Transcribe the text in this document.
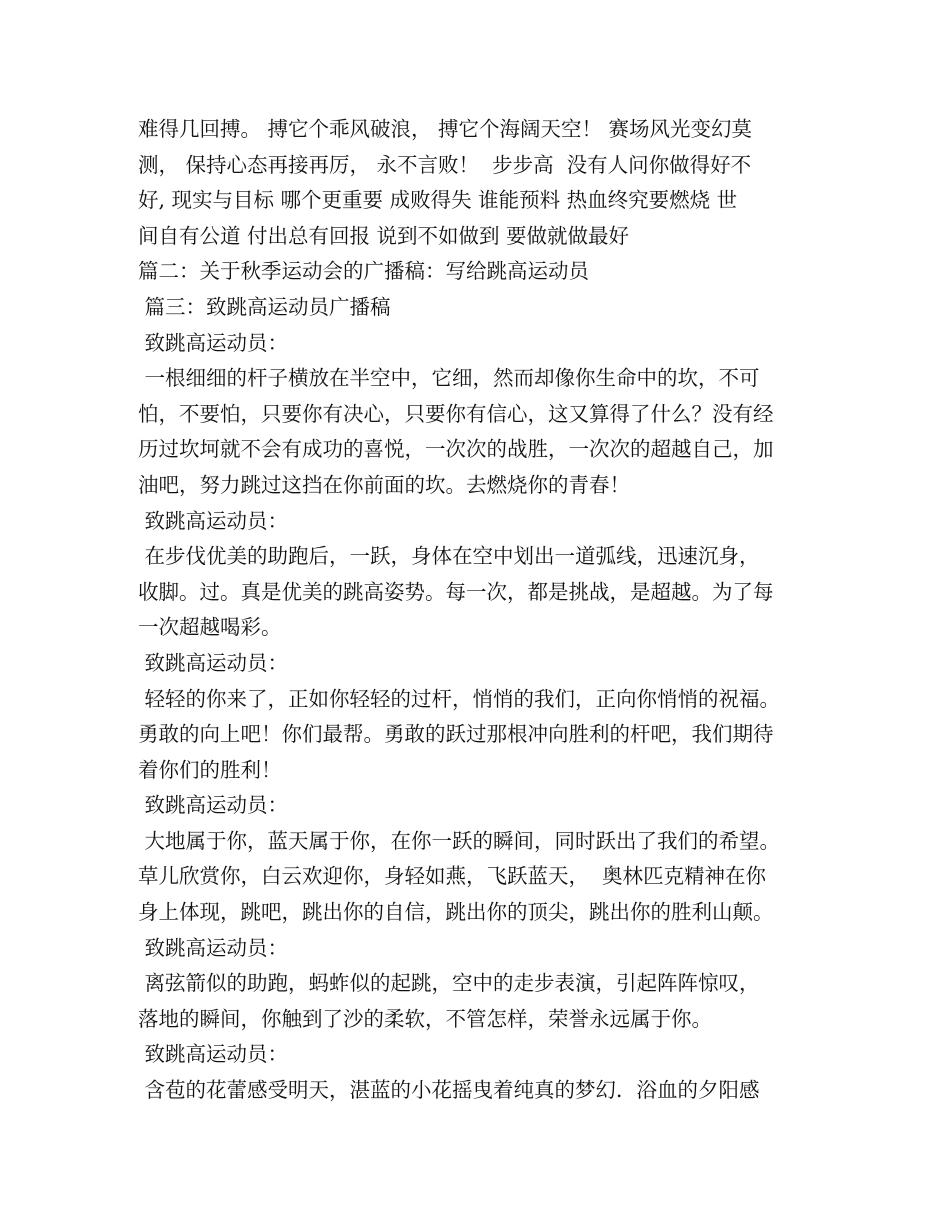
难得几回搏。 搏它个乖风破浪， 搏它个海阔天空！ 赛场风光变幻莫
测， 保持心态再接再厉， 永不言败！  步步高  没有人问你做得好不
好, 现实与目标 哪个更重要 成败得失 谁能预料 热血终究要燃烧 世
间自有公道 付出总有回报 说到不如做到 要做就做最好
篇二：关于秋季运动会的广播稿：写给跳高运动员
篇三：致跳高运动员广播稿
致跳高运动员：
一根细细的杆子横放在半空中，它细，然而却像你生命中的坎，不可
怕，不要怕，只要你有决心，只要你有信心，这又算得了什么？没有经
历过坎坷就不会有成功的喜悦，一次次的战胜，一次次的超越自己，加
油吧，努力跳过这挡在你前面的坎。去燃烧你的青春！
致跳高运动员：
在步伐优美的助跑后，一跃，身体在空中划出一道弧线，迅速沉身，
收脚。过。真是优美的跳高姿势。每一次，都是挑战，是超越。为了每
一次超越喝彩。
致跳高运动员：
轻轻的你来了，正如你轻轻的过杆，悄悄的我们，正向你悄悄的祝福。
勇敢的向上吧！你们最帮。勇敢的跃过那根冲向胜利的杆吧，我们期待
着你们的胜利！
致跳高运动员：
大地属于你，蓝天属于你，在你一跃的瞬间，同时跃出了我们的希望。
草儿欣赏你，白云欢迎你，身轻如燕，飞跃蓝天，  奥林匹克精神在你
身上体现，跳吧，跳出你的自信，跳出你的顶尖，跳出你的胜利山颠。
致跳高运动员：
离弦箭似的助跑，蚂蚱似的起跳，空中的走步表演，引起阵阵惊叹，
落地的瞬间，你触到了沙的柔软，不管怎样，荣誉永远属于你。
致跳高运动员：
含苞的花蕾感受明天，湛蓝的小花摇曳着纯真的梦幻．浴血的夕阳感
